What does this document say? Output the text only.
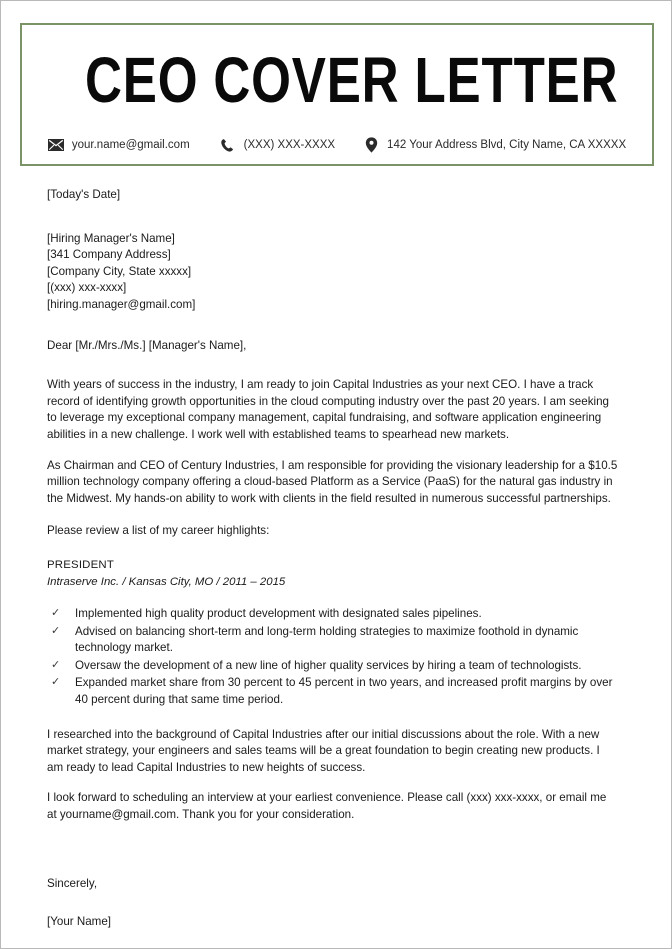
CEO COVER LETTER
your.name@gmail.com	(XXX) XXX-XXXX	142 Your Address Blvd, City Name, CA XXXXX

[Today's Date]

[Hiring Manager's Name]

[341 Company Address]

[Company City, State xxxxx]

[(xxx) xxx-xxxx]

[hiring.manager@gmail.com]

Dear [Mr./Mrs./Ms.] [Manager's Name],

With years of success in the industry, I am ready to join Capital Industries as your next CEO. I have a track record of identifying growth opportunities in the cloud computing industry over the past 20 years. I am seeking to leverage my exceptional company management, capital fundraising, and software application engineering abilities in a new challenge. I work well with established teams to spearhead new markets.

As Chairman and CEO of Century Industries, I am responsible for providing the visionary leadership for a $10.5 million technology company offering a cloud-based Platform as a Service (PaaS) for the natural gas industry in the Midwest. My hands-on ability to work with clients in the field resulted in numerous successful partnerships.

Please review a list of my career highlights:

PRESIDENT

Intraserve Inc. / Kansas City, MO / 2011 – 2015

✓ Implemented high quality product development with designated sales pipelines.
✓ Advised on balancing short-term and long-term holding strategies to maximize foothold in dynamic technology market.
✓ Oversaw the development of a new line of higher quality services by hiring a team of technologists.
✓ Expanded market share from 30 percent to 45 percent in two years, and increased profit margins by over 40 percent during that same time period.

I researched into the background of Capital Industries after our initial discussions about the role. With a new market strategy, your engineers and sales teams will be a great foundation to begin creating new products. I am ready to lead Capital Industries to new heights of success.

I look forward to scheduling an interview at your earliest convenience. Please call (xxx) xxx-xxxx, or email me at yourname@gmail.com. Thank you for your consideration.

Sincerely,

[Your Name]
